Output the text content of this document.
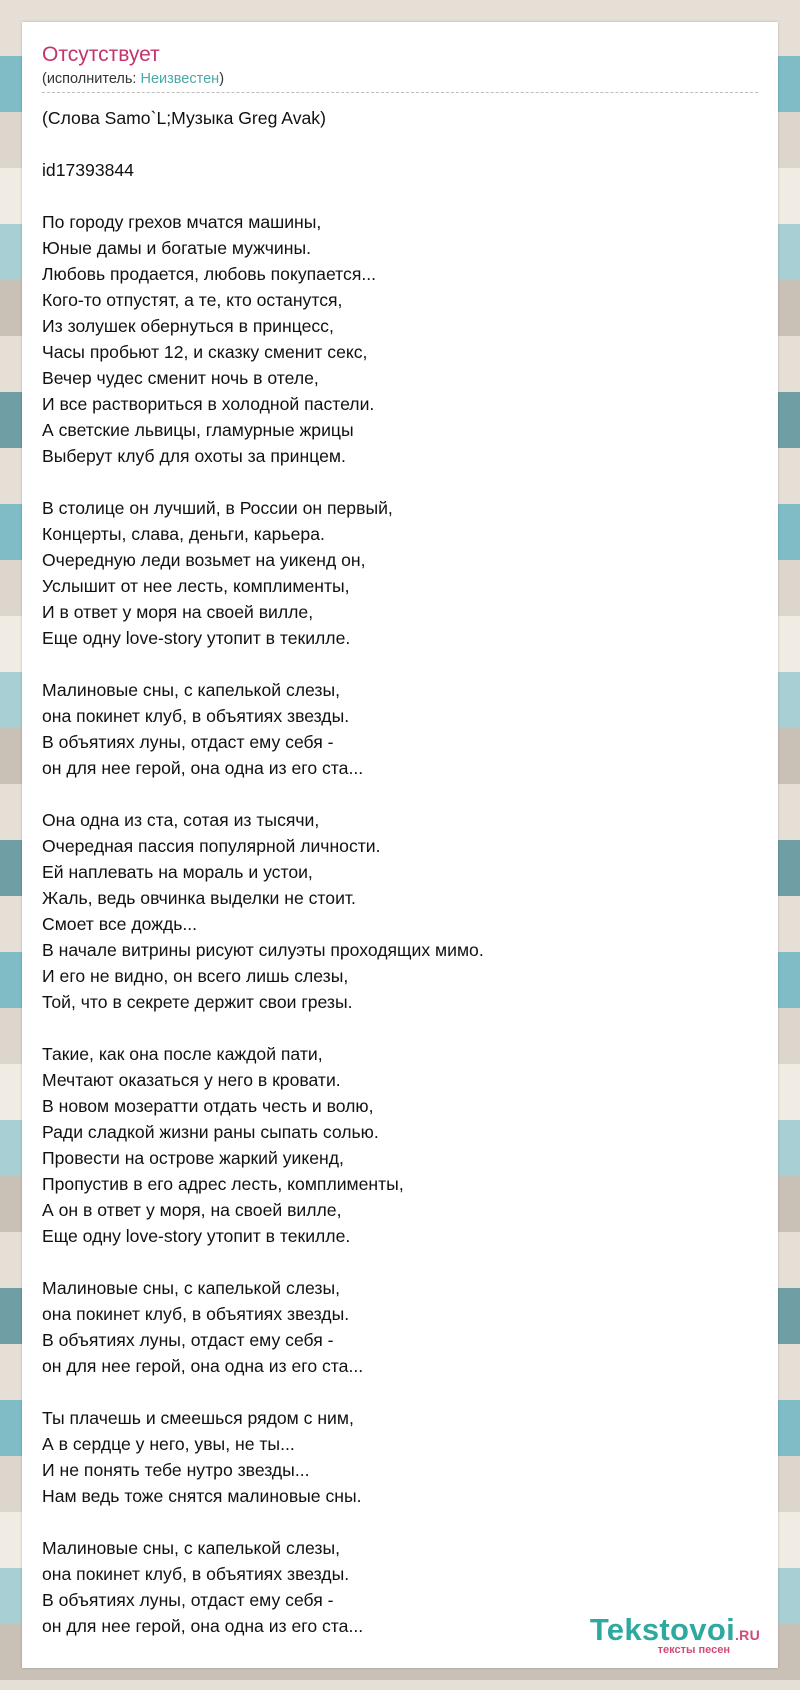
Отсутствует
(исполнитель: Неизвестен)
(Слова Samo`L;Музыка Greg Avak)

id17393844

По городу грехов мчатся машины,
Юные дамы и богатые мужчины.
Любовь продается, любовь покупается...
Кого-то отпустят, а те, кто останутся,
Из золушек обернуться в принцесс,
Часы пробьют 12, и сказку сменит секс,
Вечер чудес сменит ночь в отеле,
И все раствориться в холодной пастели.
А светские львицы, гламурные жрицы
Выберут клуб для охоты за принцем.

В столице он лучший, в России он первый,
Концерты, слава, деньги, карьера.
Очередную леди возьмет на уикенд он,
Услышит от нее лесть, комплименты,
И в ответ у моря на своей вилле,
Еще одну love-story утопит в текилле.

Малиновые сны, с капелькой слезы,
она покинет клуб, в объятиях звезды.
В объятиях луны, отдаст ему себя -
он для нее герой, она одна из его ста...

Она одна из ста, сотая из тысячи,
Очередная пассия популярной личности.
Ей наплевать на мораль и устои,
Жаль, ведь овчинка выделки не стоит.
Смоет все дождь...
В начале витрины рисуют силуэты проходящих мимо.
И его не видно, он всего лишь слезы,
Той, что в секрете держит свои грезы.

Такие, как она после каждой пати,
Мечтают оказаться у него в кровати.
В новом мозератти отдать честь и волю,
Ради сладкой жизни раны сыпать солью.
Провести на острове жаркий уикенд,
Пропустив в его адрес лесть, комплименты,
А он в ответ у моря, на своей вилле,
Еще одну love-story утопит в текилле.

Малиновые сны, с капелькой слезы,
она покинет клуб, в объятиях звезды.
В объятиях луны, отдаст ему себя -
он для нее герой, она одна из его ста...

Ты плачешь и смеешься рядом с ним,
А в сердце у него, увы, не ты...
И не понять тебе нутро звезды...
Нам ведь тоже снятся малиновые сны.

Малиновые сны, с капелькой слезы,
она покинет клуб, в объятиях звезды.
В объятиях луны, отдаст ему себя -
он для нее герой, она одна из его ста...	Tekstovoi.RU
тексты песен
